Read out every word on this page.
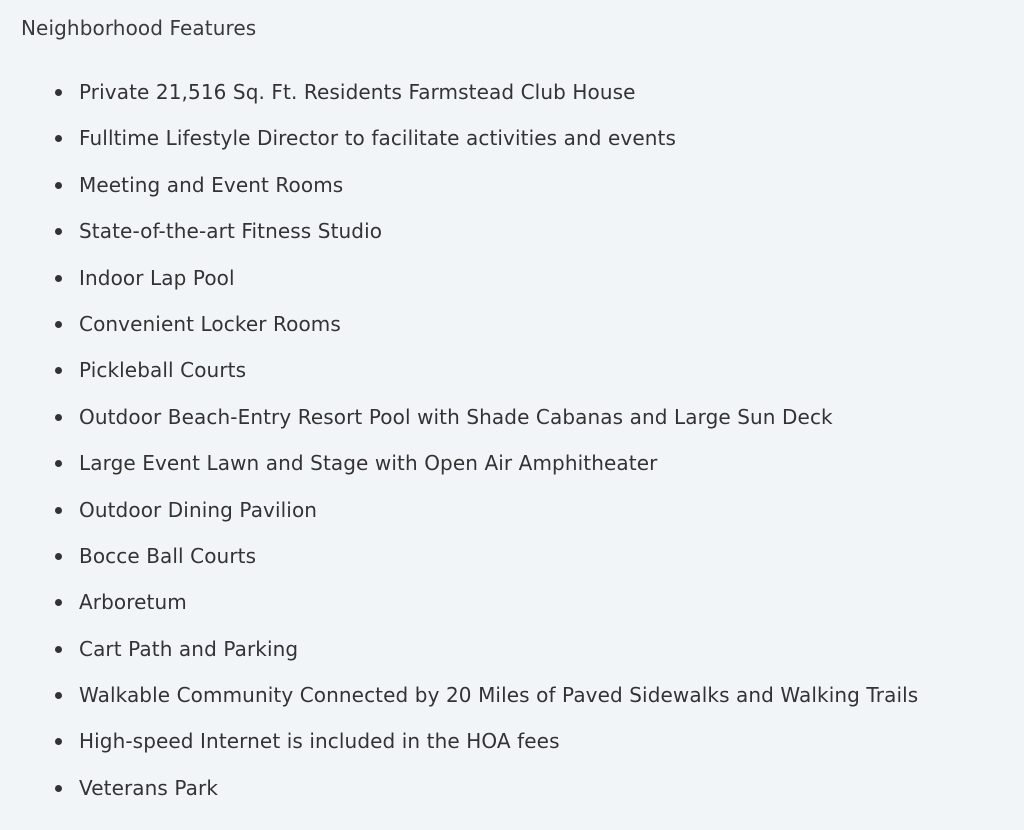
Neighborhood Features
Private 21,516 Sq. Ft. Residents Farmstead Club House
Fulltime Lifestyle Director to facilitate activities and events
Meeting and Event Rooms
State-of-the-art Fitness Studio
Indoor Lap Pool
Convenient Locker Rooms
Pickleball Courts
Outdoor Beach-Entry Resort Pool with Shade Cabanas and Large Sun Deck
Large Event Lawn and Stage with Open Air Amphitheater
Outdoor Dining Pavilion
Bocce Ball Courts
Arboretum
Cart Path and Parking
Walkable Community Connected by 20 Miles of Paved Sidewalks and Walking Trails
High-speed Internet is included in the HOA fees
Veterans Park
